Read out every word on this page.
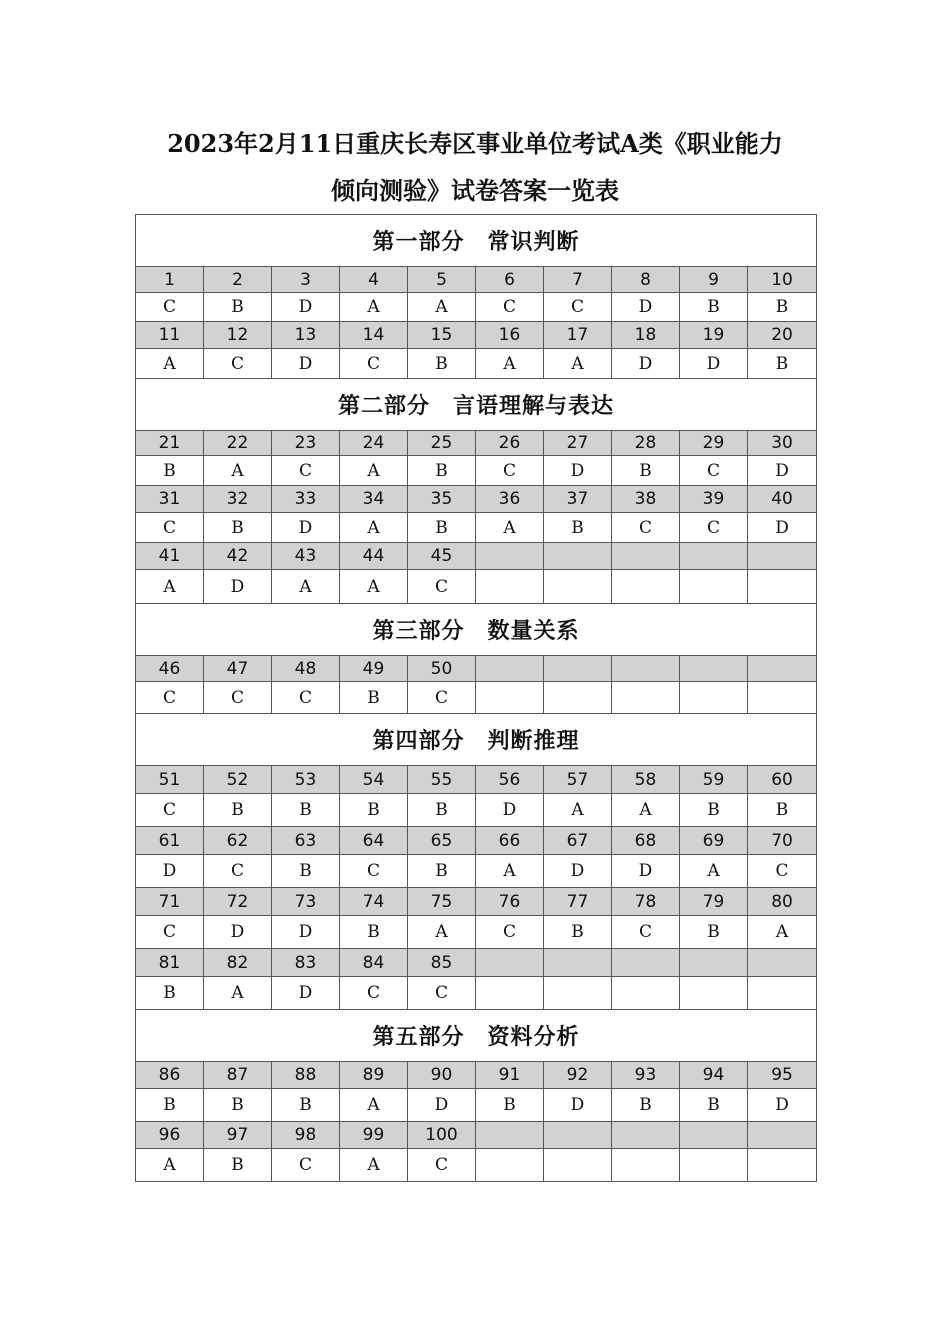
2023年2月11日重庆长寿区事业单位考试A类《职业能力
倾向测验》试卷答案一览表
第一部分　常识判断									
1	2	3	4	5	6	7	8	9	10
C	B	D	A	A	C	C	D	B	B
11	12	13	14	15	16	17	18	19	20
A	C	D	C	B	A	A	D	D	B
第二部分　言语理解与表达									
21	22	23	24	25	26	27	28	29	30
B	A	C	A	B	C	D	B	C	D
31	32	33	34	35	36	37	38	39	40
C	B	D	A	B	A	B	C	C	D
41	42	43	44	45					
A	D	A	A	C					
第三部分　数量关系									
46	47	48	49	50					
C	C	C	B	C					
第四部分　判断推理									
51	52	53	54	55	56	57	58	59	60
C	B	B	B	B	D	A	A	B	B
61	62	63	64	65	66	67	68	69	70
D	C	B	C	B	A	D	D	A	C
71	72	73	74	75	76	77	78	79	80
C	D	D	B	A	C	B	C	B	A
81	82	83	84	85					
B	A	D	C	C					
第五部分　资料分析									
86	87	88	89	90	91	92	93	94	95
B	B	B	A	D	B	D	B	B	D
96	97	98	99	100					
A	B	C	A	C					
